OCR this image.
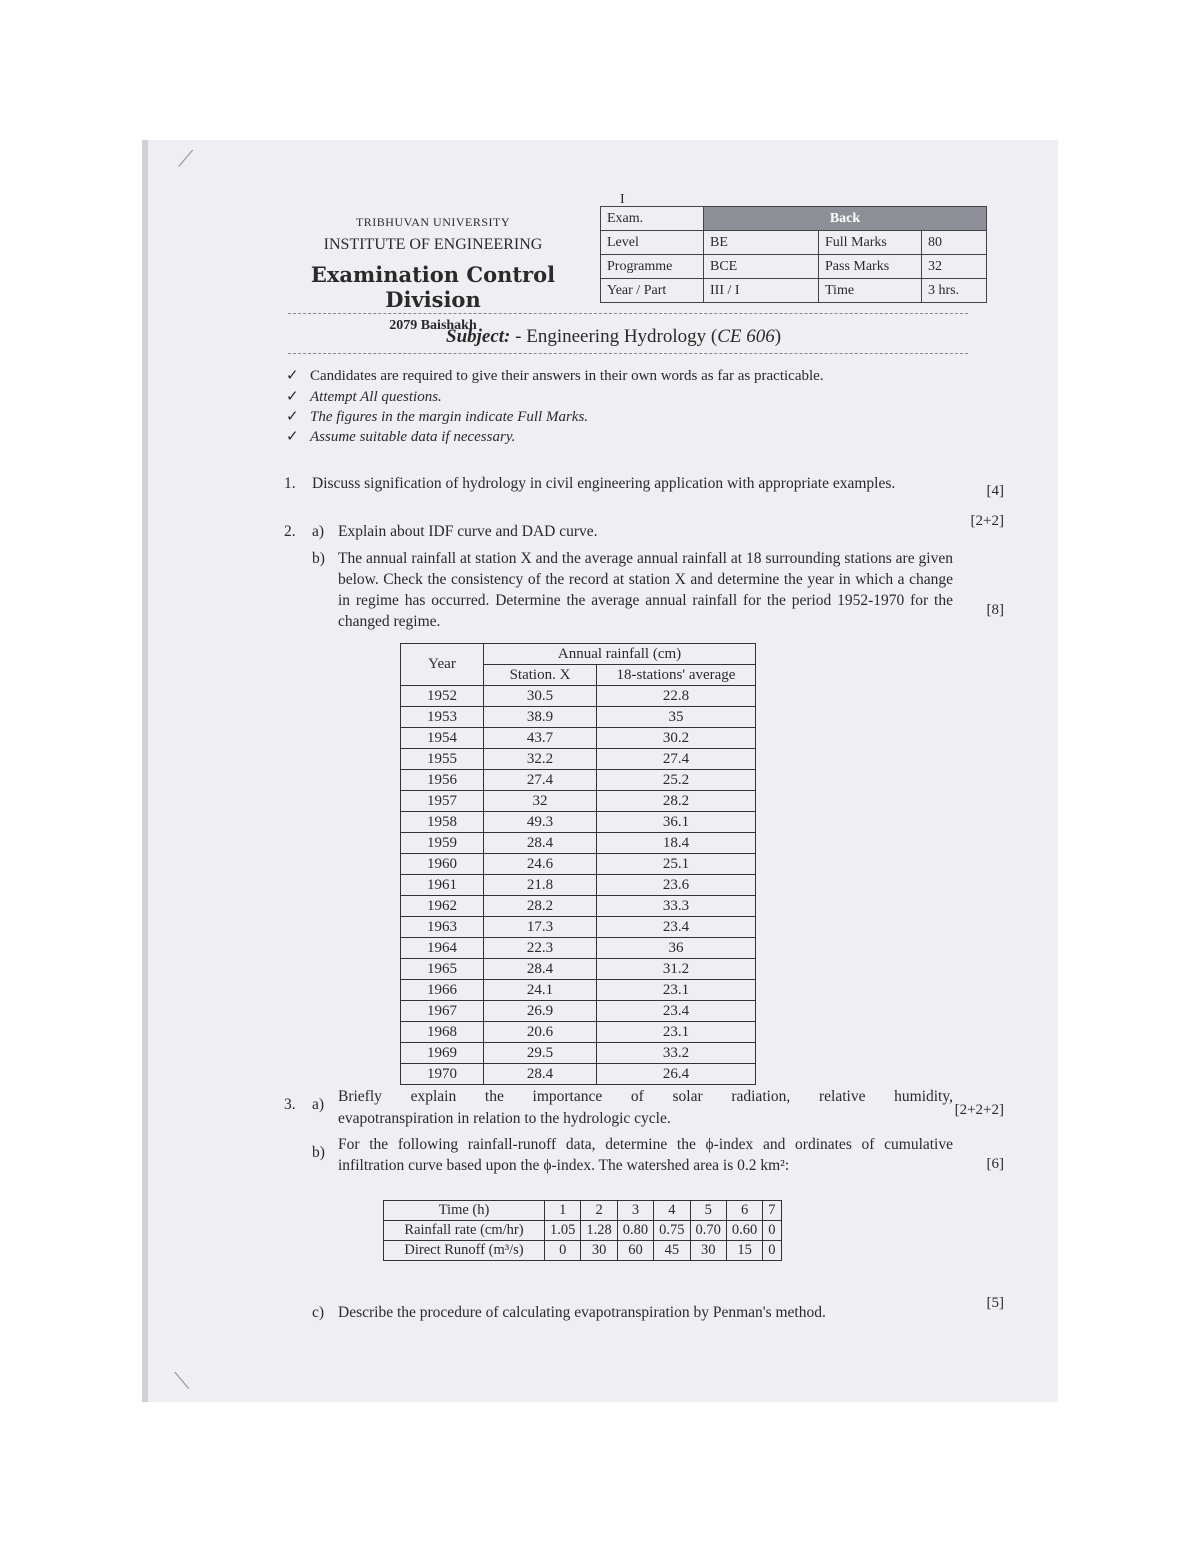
⟋
TRIBHUVAN UNIVERSITY
INSTITUTE OF ENGINEERING
Examination Control Division
2079 Baishakh
I
Exam.	Back		
Level	BE	Full Marks	80
Programme	BCE	Pass Marks	32
Year / Part	III / I	Time	3 hrs.
Subject: - Engineering Hydrology (CE 606)
✓ Candidates are required to give their answers in their own words as far as practicable.
✓ Attempt All questions.
✓ The figures in the margin indicate Full Marks.
✓ Assume suitable data if necessary.
1. Discuss signification of hydrology in civil engineering application with appropriate examples.	[4]
2. a) Explain about IDF curve and DAD curve.
[2+2]
b) The annual rainfall at station X and the average annual rainfall at 18 surrounding stations are given below. Check the consistency of the record at station X and determine the year in which a change in regime has occurred. Determine the average annual rainfall for the period 1952-1970 for the changed regime.
[8]
Year	Annual rainfall (cm)	
	Station. X	18-stations' average
1952	30.5	22.8
1953	38.9	35
1954	43.7	30.2
1955	32.2	27.4
1956	27.4	25.2
1957	32	28.2
1958	49.3	36.1
1959	28.4	18.4
1960	24.6	25.1
1961	21.8	23.6
1962	28.2	33.3
1963	17.3	23.4
1964	22.3	36
1965	28.4	31.2
1966	24.1	23.1
1967	26.9	23.4
1968	20.6	23.1
1969	29.5	33.2
1970	28.4	26.4
3. a) Briefly explain the importance of solar radiation, relative humidity,
evapotranspiration in relation to the hydrologic cycle.	[2+2+2]
b) For the following rainfall-runoff data, determine the ϕ-index and ordinates of cumulative infiltration curve based upon the ϕ-index. The watershed area is 0.2 km²:	[6]
Time (h)	1	2	3	4	5	6	7
Rainfall rate (cm/hr)	1.05	1.28	0.80	0.75	0.70	0.60	0
Direct Runoff (m³/s)	0	30	60	45	30	15	0
c) Describe the procedure of calculating evapotranspiration by Penman's method.
[5]
⟍
